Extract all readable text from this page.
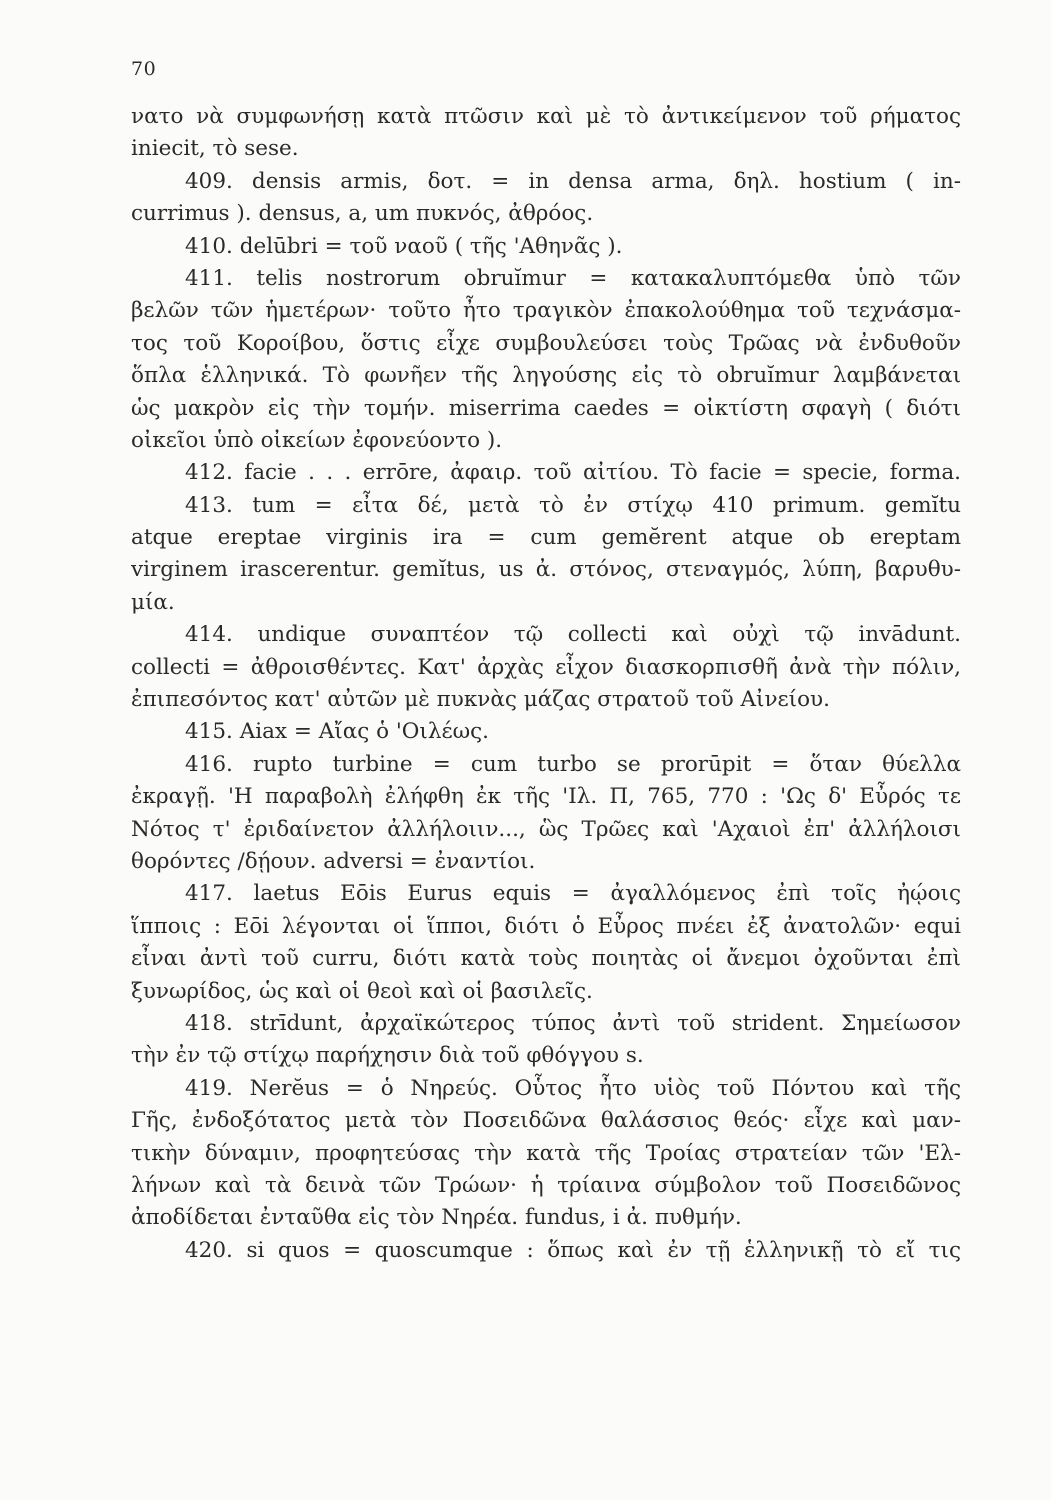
70
νατο νὰ συμφωνήσῃ κατὰ πτῶσιν καὶ μὲ τὸ ἀντικείμενον τοῦ ρήματος
iniecit, τὸ sese.
409. densis armis, δοτ. = in densa arma, δηλ. hostium ( in-
currimus ). densus, a, um πυκνός, ἀθρόος.
410. delūbri = τοῦ ναοῦ ( τῆς 'Αθηνᾶς ).
411. telis nostrorum obruĭmur = κατακαλυπτόμεθα ὑπὸ τῶν
βελῶν τῶν ἡμετέρων· τοῦτο ἦτο τραγικὸν ἐπακολούθημα τοῦ τεχνάσμα-
τος τοῦ Κοροίβου, ὅστις εἶχε συμβουλεύσει τοὺς Τρῶας νὰ ἐνδυθοῦν
ὅπλα ἑλληνικά. Τὸ φωνῆεν τῆς ληγούσης εἰς τὸ obruĭmur λαμβάνεται
ὡς μακρὸν εἰς τὴν τομήν. miserrima caedes = οἰκτίστη σφαγὴ ( διότι
οἰκεῖοι ὑπὸ οἰκείων ἐφονεύοντο ).
412. facie . . . errōre, ἀφαιρ. τοῦ αἰτίου. Τὸ facie = specie, forma.
413. tum = εἶτα δέ, μετὰ τὸ ἐν στίχῳ 410 primum. gemĭtu
atque ereptae virginis ira = cum gemĕrent atque ob ereptam
virginem irascerentur. gemĭtus, us ἀ. στόνος, στεναγμός, λύπη, βαρυθυ-
μία.
414. undique συναπτέον τῷ collecti καὶ οὐχὶ τῷ invādunt.
collecti = ἀθροισθέντες. Κατ' ἀρχὰς εἶχον διασκορπισθῆ ἀνὰ τὴν πόλιν,
ἐπιπεσόντος κατ' αὐτῶν μὲ πυκνὰς μάζας στρατοῦ τοῦ Αἰνείου.
415. Aiax = Αἴας ὁ 'Οιλέως.
416. rupto turbine = cum turbo se prorūpit = ὅταν θύελλα
ἐκραγῇ. 'Η παραβολὴ ἐλήφθη ἐκ τῆς 'Ιλ. Π, 765, 770 : 'Ως δ' Εὖρός τε
Νότος τ' ἐριδαίνετον ἀλλήλοιιν..., ὣς Τρῶες καὶ 'Αχαιοὶ ἐπ' ἀλλήλοισι
θορόντες /δῄουν. adversi = ἐναντίοι.
417. laetus Eōis Eurus equis = ἀγαλλόμενος ἐπὶ τοῖς ἠῴοις
ἵπποις : Eōi λέγονται οἱ ἵπποι, διότι ὁ Εὖρος πνέει ἐξ ἀνατολῶν· equi
εἶναι ἀντὶ τοῦ curru, διότι κατὰ τοὺς ποιητὰς οἱ ἄνεμοι ὀχοῦνται ἐπὶ
ξυνωρίδος, ὡς καὶ οἱ θεοὶ καὶ οἱ βασιλεῖς.
418. strīdunt, ἀρχαϊκώτερος τύπος ἀντὶ τοῦ strident. Σημείωσον
τὴν ἐν τῷ στίχῳ παρήχησιν διὰ τοῦ φθόγγου s.
419. Nerĕus = ὁ Νηρεύς. Οὗτος ἦτο υἱὸς τοῦ Πόντου καὶ τῆς
Γῆς, ἐνδοξότατος μετὰ τὸν Ποσειδῶνα θαλάσσιος θεός· εἶχε καὶ μαν-
τικὴν δύναμιν, προφητεύσας τὴν κατὰ τῆς Τροίας στρατείαν τῶν 'Ελ-
λήνων καὶ τὰ δεινὰ τῶν Τρώων· ἡ τρίαινα σύμβολον τοῦ Ποσειδῶνος
ἀποδίδεται ἐνταῦθα εἰς τὸν Νηρέα. fundus, i ἀ. πυθμήν.
420. si quos = quoscumque : ὅπως καὶ ἐν τῇ ἑλληνικῇ τὸ εἴ τις
